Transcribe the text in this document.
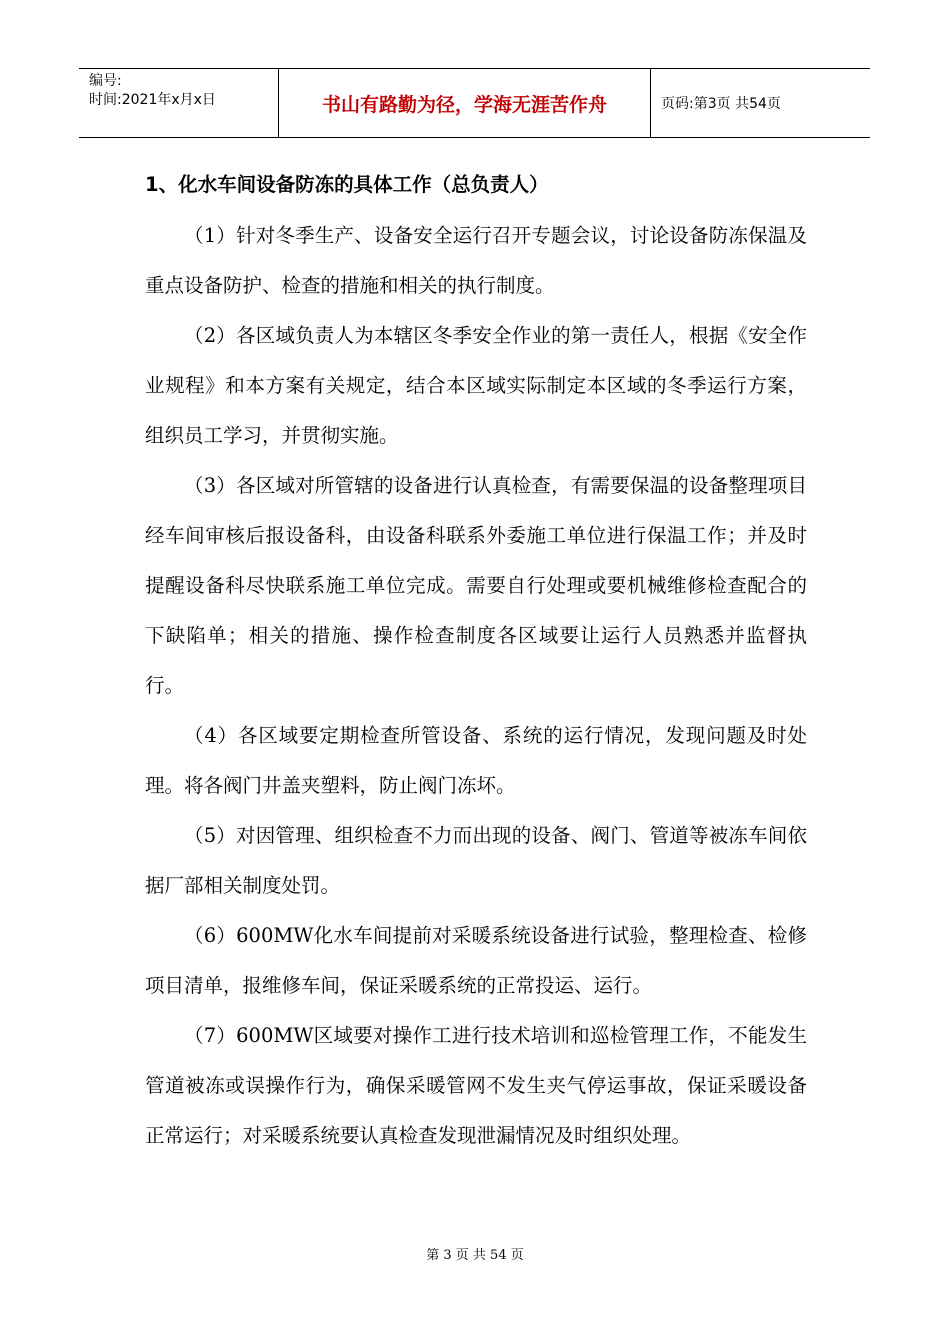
编号:
时间:2021年x月x日	书山有路勤为径，学海无涯苦作舟	页码:第3页 共54页
1、化水车间设备防冻的具体工作（总负责人）

（1）针对冬季生产、设备安全运行召开专题会议，讨论设备防冻保温及重点设备防护、检查的措施和相关的执行制度。

（2）各区域负责人为本辖区冬季安全作业的第一责任人，根据《安全作业规程》和本方案有关规定，结合本区域实际制定本区域的冬季运行方案，组织员工学习，并贯彻实施。

（3）各区域对所管辖的设备进行认真检查，有需要保温的设备整理项目经车间审核后报设备科，由设备科联系外委施工单位进行保温工作；并及时提醒设备科尽快联系施工单位完成。需要自行处理或要机械维修检查配合的下缺陷单；相关的措施、操作检查制度各区域要让运行人员熟悉并监督执行。

（4）各区域要定期检查所管设备、系统的运行情况，发现问题及时处理。将各阀门井盖夹塑料，防止阀门冻坏。

（5）对因管理、组织检查不力而出现的设备、阀门、管道等被冻车间依据厂部相关制度处罚。

（6）600MW化水车间提前对采暖系统设备进行试验，整理检查、检修项目清单，报维修车间，保证采暖系统的正常投运、运行。

（7）600MW区域要对操作工进行技术培训和巡检管理工作，不能发生管道被冻或误操作行为，确保采暖管网不发生夹气停运事故，保证采暖设备正常运行；对采暖系统要认真检查发现泄漏情况及时组织处理。

第 3 页 共 54 页
